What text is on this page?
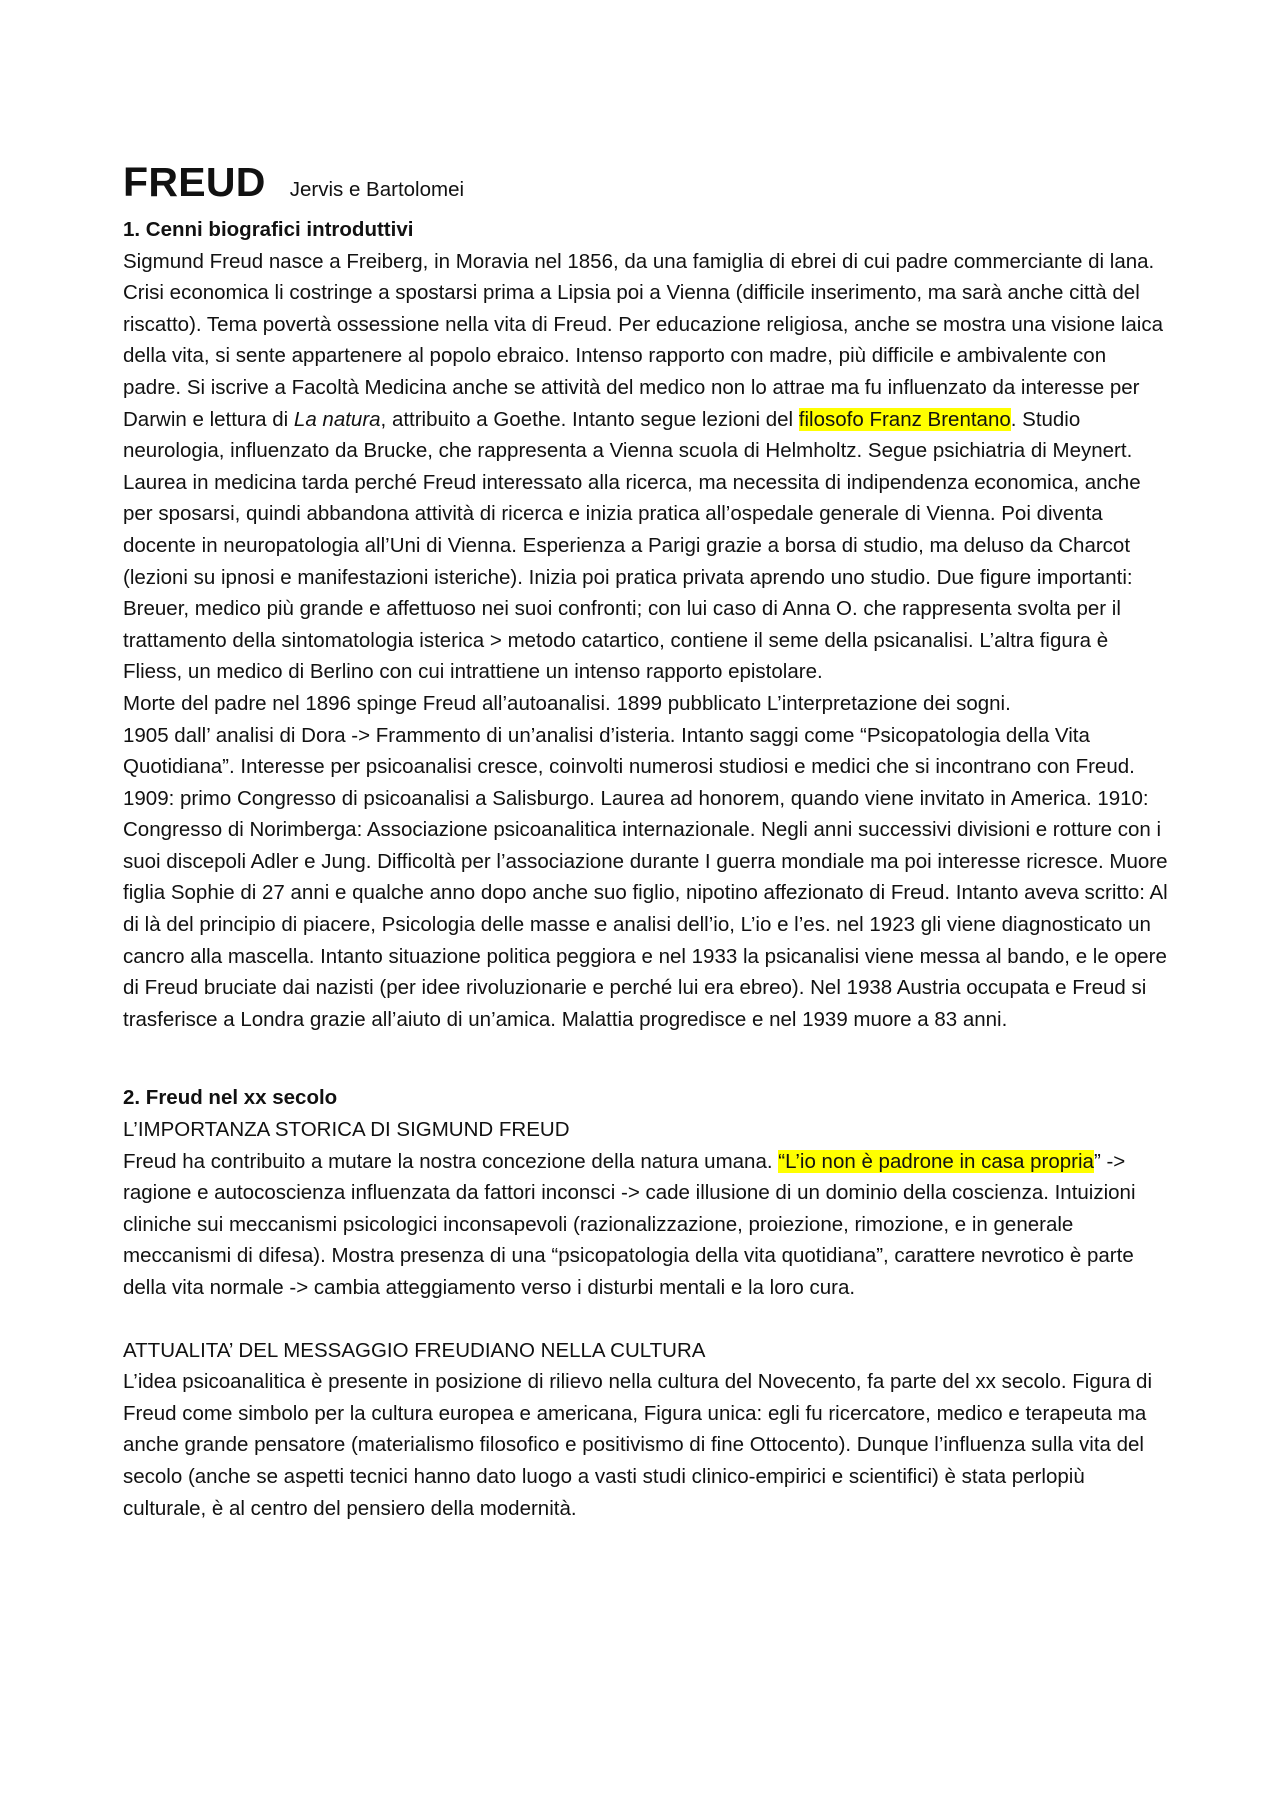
FREUD Jervis e Bartolomei

1. Cenni biografici introduttivi

Sigmund Freud nasce a Freiberg, in Moravia nel 1856, da una famiglia di ebrei di cui padre commerciante di lana. Crisi economica li costringe a spostarsi prima a Lipsia poi a Vienna (difficile inserimento, ma sarà anche città del riscatto). Tema povertà ossessione nella vita di Freud. Per educazione religiosa, anche se mostra una visione laica della vita, si sente appartenere al popolo ebraico. Intenso rapporto con madre, più difficile e ambivalente con padre. Si iscrive a Facoltà Medicina anche se attività del medico non lo attrae ma fu influenzato da interesse per Darwin e lettura di La natura, attribuito a Goethe. Intanto segue lezioni del filosofo Franz Brentano. Studio neurologia, influenzato da Brucke, che rappresenta a Vienna scuola di Helmholtz. Segue psichiatria di Meynert. Laurea in medicina tarda perché Freud interessato alla ricerca, ma necessita di indipendenza economica, anche per sposarsi, quindi abbandona attività di ricerca e inizia pratica all’ospedale generale di Vienna. Poi diventa docente in neuropatologia all’Uni di Vienna. Esperienza a Parigi grazie a borsa di studio, ma deluso da Charcot (lezioni su ipnosi e manifestazioni isteriche). Inizia poi pratica privata aprendo uno studio. Due figure importanti: Breuer, medico più grande e affettuoso nei suoi confronti; con lui caso di Anna O. che rappresenta svolta per il trattamento della sintomatologia isterica > metodo catartico, contiene il seme della psicanalisi. L’altra figura è Fliess, un medico di Berlino con cui intrattiene un intenso rapporto epistolare.

Morte del padre nel 1896 spinge Freud all’autoanalisi. 1899 pubblicato L’interpretazione dei sogni.

1905 dall’ analisi di Dora -> Frammento di un’analisi d’isteria. Intanto saggi come “Psicopatologia della Vita Quotidiana”. Interesse per psicoanalisi cresce, coinvolti numerosi studiosi e medici che si incontrano con Freud. 1909: primo Congresso di psicoanalisi a Salisburgo. Laurea ad honorem, quando viene invitato in America. 1910: Congresso di Norimberga: Associazione psicoanalitica internazionale. Negli anni successivi divisioni e rotture con i suoi discepoli Adler e Jung. Difficoltà per l’associazione durante I guerra mondiale ma poi interesse ricresce. Muore figlia Sophie di 27 anni e qualche anno dopo anche suo figlio, nipotino affezionato di Freud. Intanto aveva scritto: Al di là del principio di piacere, Psicologia delle masse e analisi dell’io, L’io e l’es. nel 1923 gli viene diagnosticato un cancro alla mascella. Intanto situazione politica peggiora e nel 1933 la psicanalisi viene messa al bando, e le opere di Freud bruciate dai nazisti (per idee rivoluzionarie e perché lui era ebreo). Nel 1938 Austria occupata e Freud si trasferisce a Londra grazie all’aiuto di un’amica. Malattia progredisce e nel 1939 muore a 83 anni.

2. Freud nel xx secolo

L’IMPORTANZA STORICA DI SIGMUND FREUD

Freud ha contribuito a mutare la nostra concezione della natura umana. “L’io non è padrone in casa propria” -> ragione e autocoscienza influenzata da fattori inconsci -> cade illusione di un dominio della coscienza. Intuizioni cliniche sui meccanismi psicologici inconsapevoli (razionalizzazione, proiezione, rimozione, e in generale meccanismi di difesa). Mostra presenza di una “psicopatologia della vita quotidiana”, carattere nevrotico è parte della vita normale -> cambia atteggiamento verso i disturbi mentali e la loro cura.

ATTUALITA’ DEL MESSAGGIO FREUDIANO NELLA CULTURA

L’idea psicoanalitica è presente in posizione di rilievo nella cultura del Novecento, fa parte del xx secolo. Figura di Freud come simbolo per la cultura europea e americana, Figura unica: egli fu ricercatore, medico e terapeuta ma anche grande pensatore (materialismo filosofico e positivismo di fine Ottocento). Dunque l’influenza sulla vita del secolo (anche se aspetti tecnici hanno dato luogo a vasti studi clinico-empirici e scientifici) è stata perlopiù culturale, è al centro del pensiero della modernità.
